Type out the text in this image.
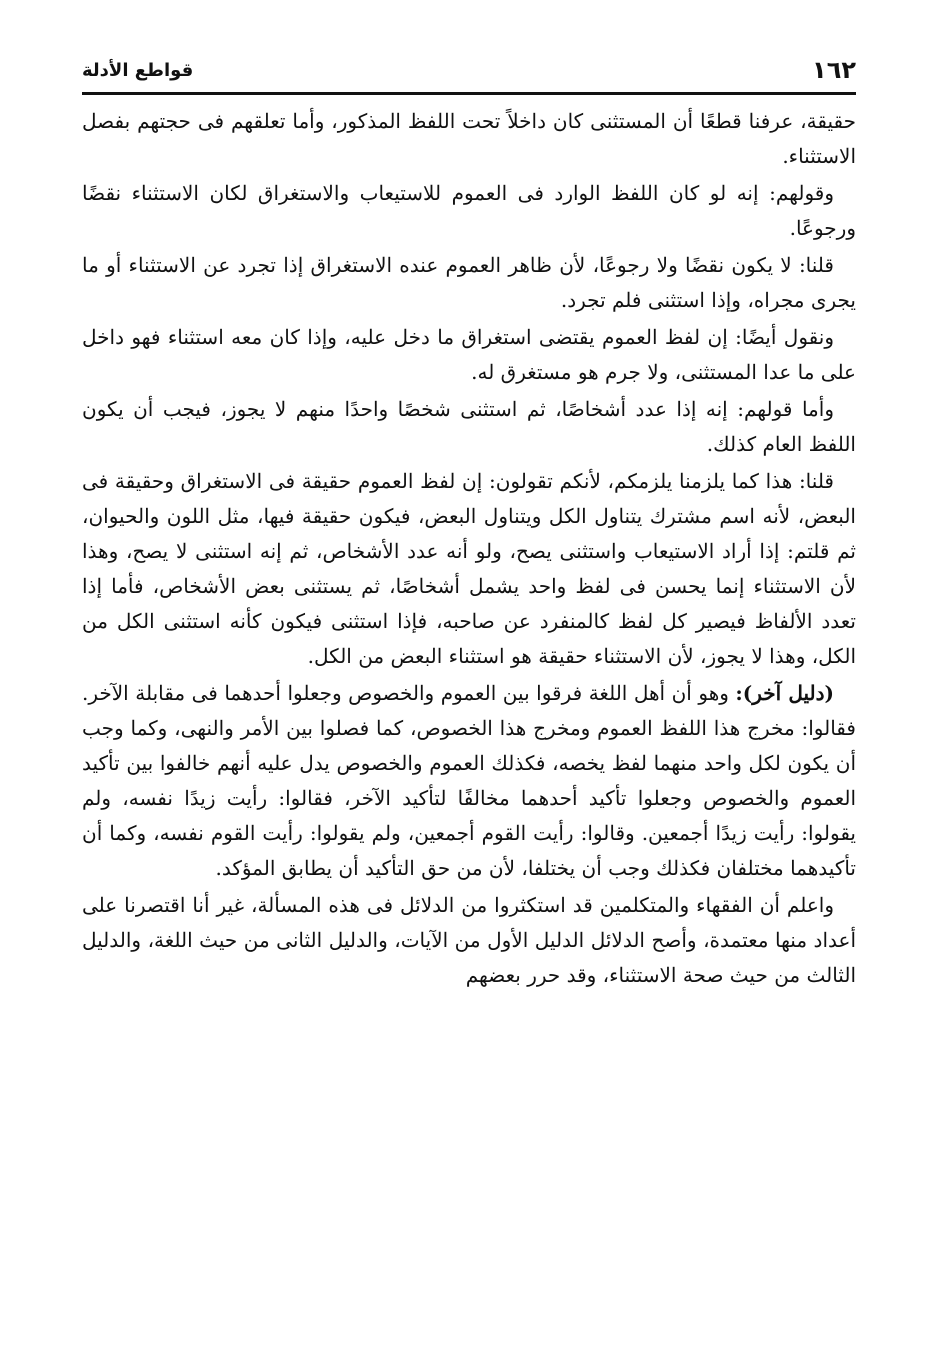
١٦٢
قواطع الأدلة

حقيقة، عرفنا قطعًا أن المستثنى كان داخلاً تحت اللفظ المذكور، وأما تعلقهم فى حجتهم بفصل الاستثناء.

وقولهم: إنه لو كان اللفظ الوارد فى العموم للاستيعاب والاستغراق لكان الاستثناء نقضًا ورجوعًا.

قلنا: لا يكون نقضًا ولا رجوعًا، لأن ظاهر العموم عنده الاستغراق إذا تجرد عن الاستثناء أو ما يجرى مجراه، وإذا استثنى فلم تجرد.

ونقول أيضًا: إن لفظ العموم يقتضى استغراق ما دخل عليه، وإذا كان معه استثناء فهو داخل على ما عدا المستثنى، ولا جرم هو مستغرق له.

وأما قولهم: إنه إذا عدد أشخاصًا، ثم استثنى شخصًا واحدًا منهم لا يجوز، فيجب أن يكون اللفظ العام كذلك.

قلنا: هذا كما يلزمنا يلزمكم، لأنكم تقولون: إن لفظ العموم حقيقة فى الاستغراق وحقيقة فى البعض، لأنه اسم مشترك يتناول الكل ويتناول البعض، فيكون حقيقة فيها، مثل اللون والحيوان، ثم قلتم: إذا أراد الاستيعاب واستثنى يصح، ولو أنه عدد الأشخاص، ثم إنه استثنى لا يصح، وهذا لأن الاستثناء إنما يحسن فى لفظ واحد يشمل أشخاصًا، ثم يستثنى بعض الأشخاص، فأما إذا تعدد الألفاظ فيصير كل لفظ كالمنفرد عن صاحبه، فإذا استثنى فيكون كأنه استثنى الكل من الكل، وهذا لا يجوز، لأن الاستثناء حقيقة هو استثناء البعض من الكل.

(دليل آخر): وهو أن أهل اللغة فرقوا بين العموم والخصوص وجعلوا أحدهما فى مقابلة الآخر. فقالوا: مخرج هذا اللفظ العموم ومخرج هذا الخصوص، كما فصلوا بين الأمر والنهى، وكما وجب أن يكون لكل واحد منهما لفظ يخصه، فكذلك العموم والخصوص يدل عليه أنهم خالفوا بين تأكيد العموم والخصوص وجعلوا تأكيد أحدهما مخالفًا لتأكيد الآخر، فقالوا: رأيت زيدًا نفسه، ولم يقولوا: رأيت زيدًا أجمعين. وقالوا: رأيت القوم أجمعين، ولم يقولوا: رأيت القوم نفسه، وكما أن تأكيدهما مختلفان فكذلك وجب أن يختلفا، لأن من حق التأكيد أن يطابق المؤكد.

واعلم أن الفقهاء والمتكلمين قد استكثروا من الدلائل فى هذه المسألة، غير أنا اقتصرنا على أعداد منها معتمدة، وأصح الدلائل الدليل الأول من الآيات، والدليل الثانى من حيث اللغة، والدليل الثالث من حيث صحة الاستثناء، وقد حرر بعضهم
